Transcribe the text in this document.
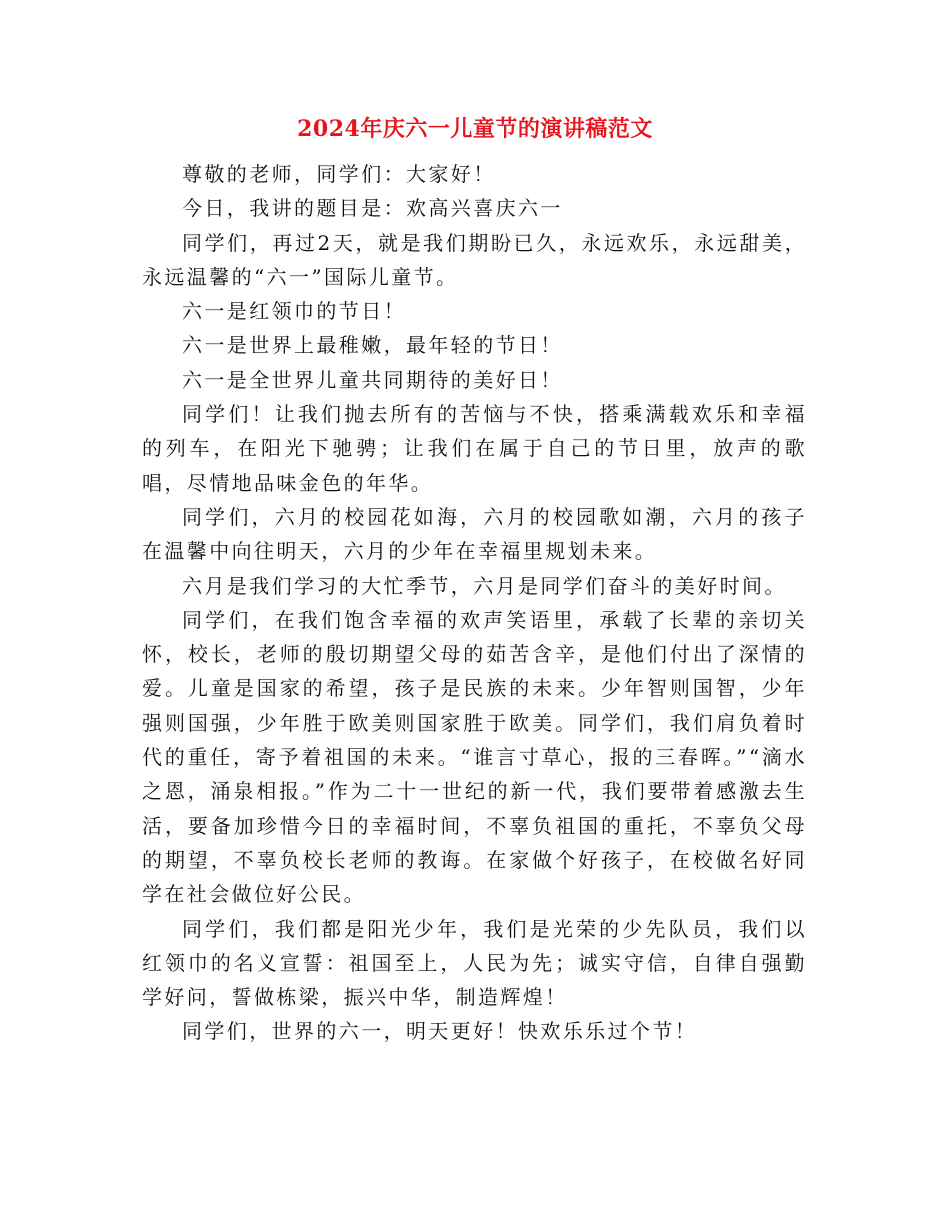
2024年庆六一儿童节的演讲稿范文

尊敬的老师，同学们：大家好！

今日，我讲的题目是：欢高兴喜庆六一

同学们，再过2天，就是我们期盼已久，永远欢乐，永远甜美，永远温馨的“六一”国际儿童节。

六一是红领巾的节日！

六一是世界上最稚嫩，最年轻的节日！

六一是全世界儿童共同期待的美好日！

同学们！让我们抛去所有的苦恼与不快，搭乘满载欢乐和幸福的列车，在阳光下驰骋；让我们在属于自己的节日里，放声的歌唱，尽情地品味金色的年华。

同学们，六月的校园花如海，六月的校园歌如潮，六月的孩子在温馨中向往明天，六月的少年在幸福里规划未来。

六月是我们学习的大忙季节，六月是同学们奋斗的美好时间。

同学们，在我们饱含幸福的欢声笑语里，承载了长辈的亲切关怀，校长，老师的殷切期望父母的茹苦含辛，是他们付出了深情的爱。儿童是国家的希望，孩子是民族的未来。少年智则国智，少年强则国强，少年胜于欧美则国家胜于欧美。同学们，我们肩负着时代的重任，寄予着祖国的未来。“谁言寸草心，报的三春晖。”“滴水之恩，涌泉相报。”作为二十一世纪的新一代，我们要带着感激去生活，要备加珍惜今日的幸福时间，不辜负祖国的重托，不辜负父母的期望，不辜负校长老师的教诲。在家做个好孩子，在校做名好同学在社会做位好公民。

同学们，我们都是阳光少年，我们是光荣的少先队员，我们以红领巾的名义宣誓：祖国至上，人民为先；诚实守信，自律自强勤学好问，誓做栋梁，振兴中华，制造辉煌！

同学们，世界的六一，明天更好！快欢乐乐过个节！
